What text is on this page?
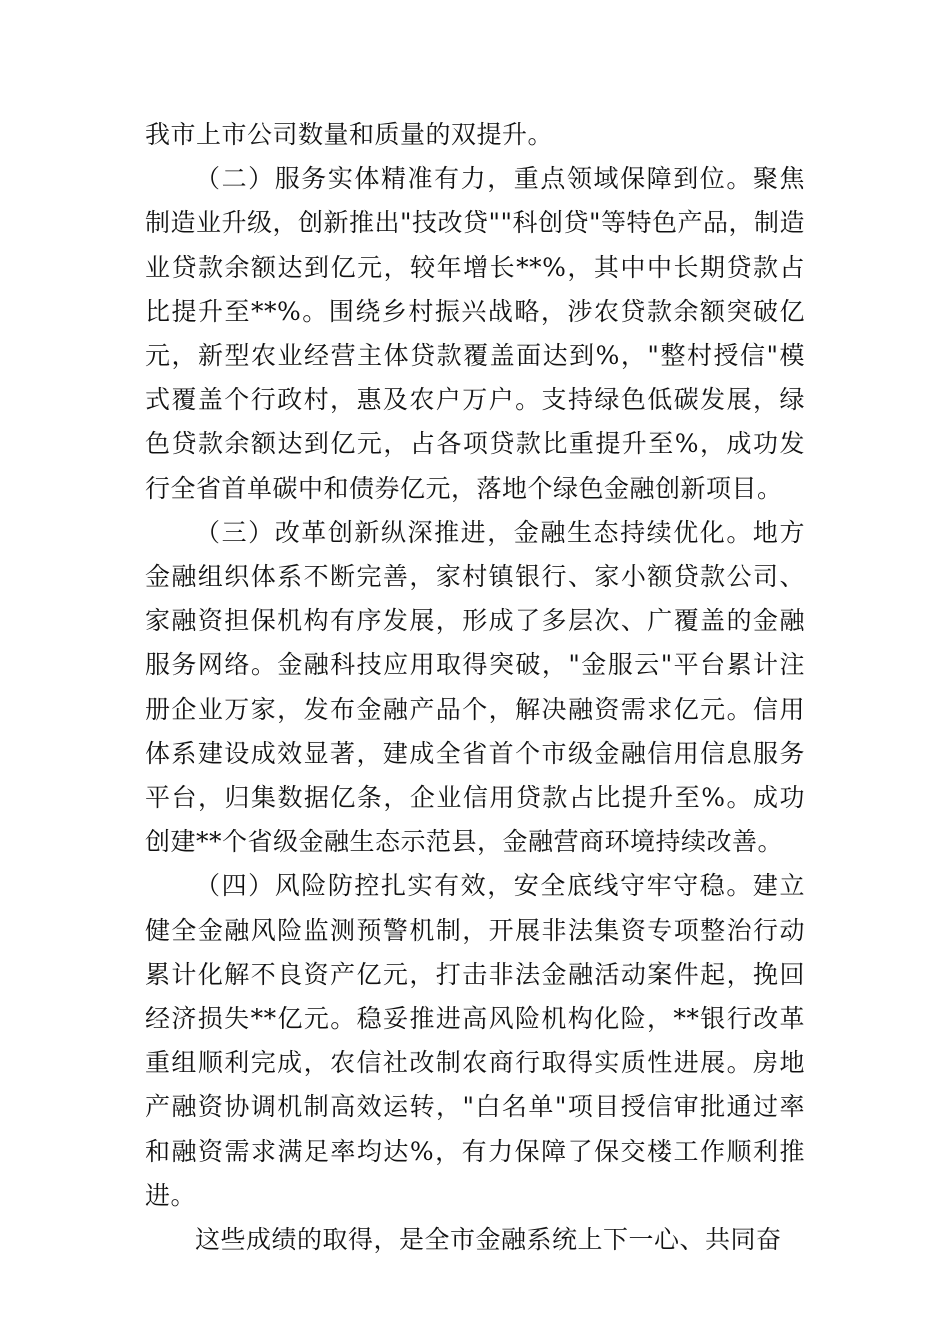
我市上市公司数量和质量的双提升。

（二）服务实体精准有力，重点领域保障到位。聚焦制造业升级，创新推出"技改贷""科创贷"等特色产品，制造业贷款余额达到亿元，较年增长**%，其中中长期贷款占比提升至**%。围绕乡村振兴战略，涉农贷款余额突破亿元，新型农业经营主体贷款覆盖面达到%，"整村授信"模式覆盖个行政村，惠及农户万户。支持绿色低碳发展，绿色贷款余额达到亿元，占各项贷款比重提升至%，成功发行全省首单碳中和债券亿元，落地个绿色金融创新项目。

（三）改革创新纵深推进，金融生态持续优化。地方金融组织体系不断完善，家村镇银行、家小额贷款公司、家融资担保机构有序发展，形成了多层次、广覆盖的金融服务网络。金融科技应用取得突破，"金服云"平台累计注册企业万家，发布金融产品个，解决融资需求亿元。信用体系建设成效显著，建成全省首个市级金融信用信息服务平台，归集数据亿条，企业信用贷款占比提升至%。成功创建**个省级金融生态示范县，金融营商环境持续改善。

（四）风险防控扎实有效，安全底线守牢守稳。建立健全金融风险监测预警机制，开展非法集资专项整治行动累计化解不良资产亿元，打击非法金融活动案件起，挽回经济损失**亿元。稳妥推进高风险机构化险，**银行改革重组顺利完成，农信社改制农商行取得实质性进展。房地产融资协调机制高效运转，"白名单"项目授信审批通过率和融资需求满足率均达%，有力保障了保交楼工作顺利推进。

这些成绩的取得，是全市金融系统上下一心、共同奋
